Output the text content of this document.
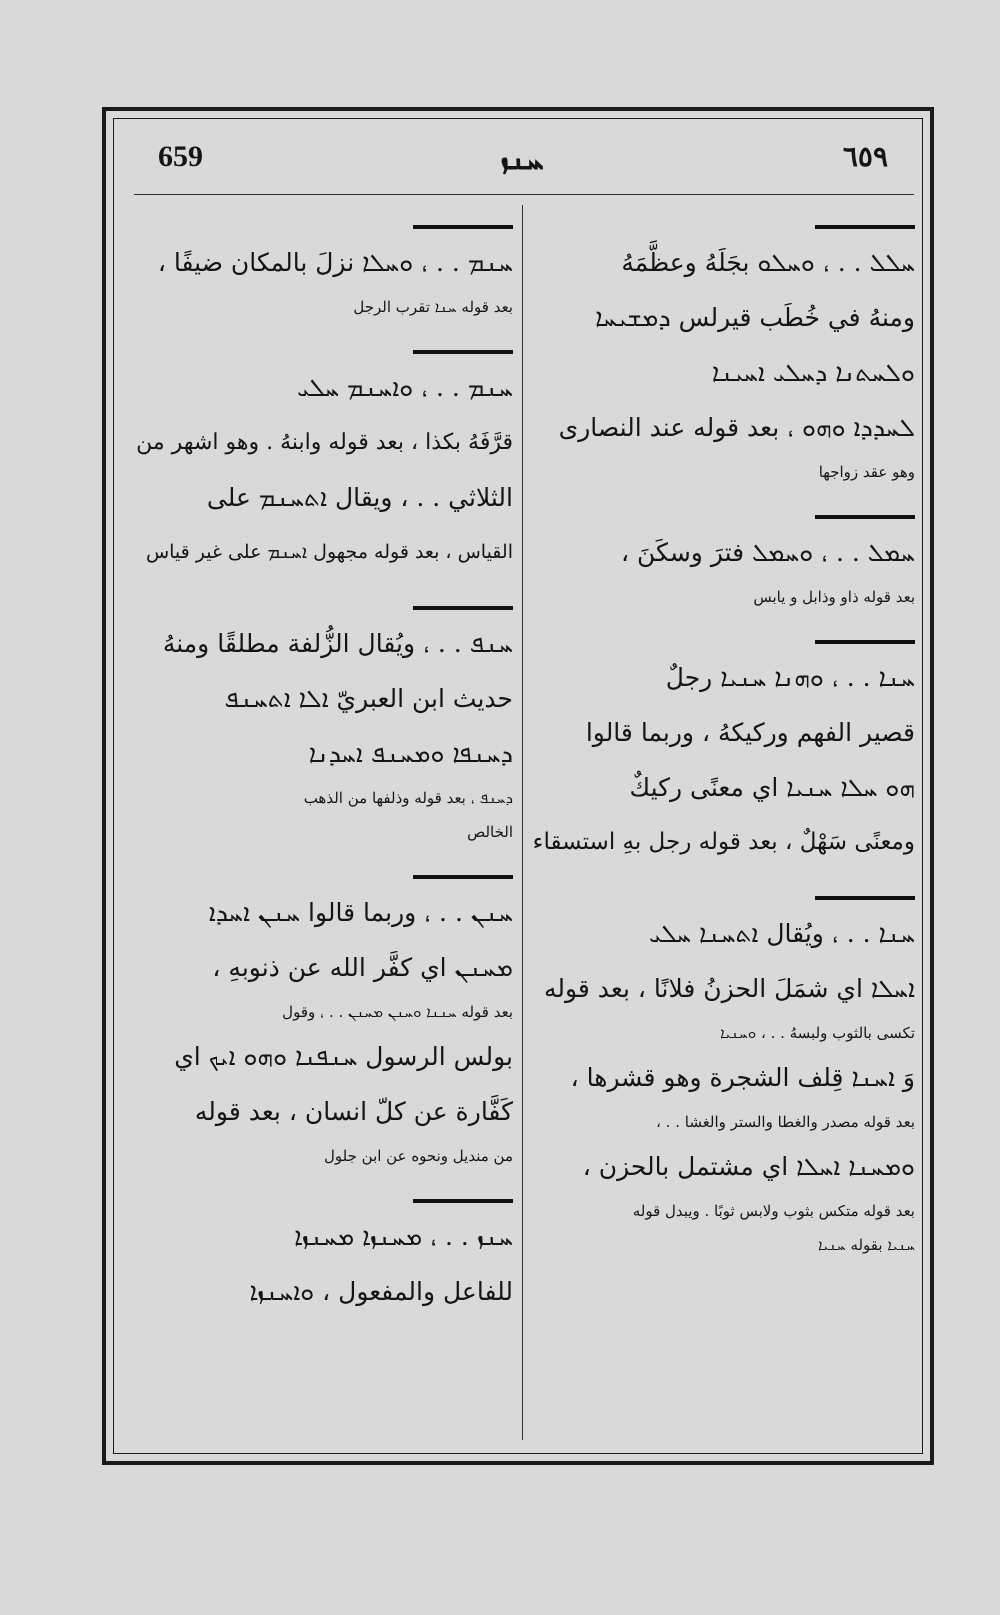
659	ܚܢܙ	٦٥٩
ܚܠܠ . . ، ܘܚܠܘ بجَلَهُ وعظَّمَهُ
ومنهُ في خُطَب قيرلس ܕܡܫܝܚܐ
ܘܠܚܬܢܐ ܕܚܠܝ ܐܚܝܢܐ
ܠܚܕܕܐ ܘܗܘ ، بعد قوله عند النصارى
وهو عقد زواجها
ܚܡܠ . . ، ܘܚܡܠ فترَ وسكَنَ ،
بعد قوله ذاو وذابل و يابس
ܚܢܐ . . ، ܘܗܢܐ ܚܢܝܐ رجلٌ
قصير الفهم وركيكهُ ، وربما قالوا
ܗܘ ܚܠܐ ܚܢܝܐ اي معنًى ركيكٌ
ومعنًى سَهْلٌ ، بعد قوله رجل بهِ استسقاء
ܚܢܐ . . ، ويُقال ܐܬܚܢܐ ܚܠܝ
ܐܚܠܐ اي شمَلَ الحزنُ فلانًا ، بعد قوله
تكسى بالثوب ولبسهُ . . ، ܘܚܢܝܐ
وَ ܐܚܢܐ قِلف الشجرة وهو قشرها ،
بعد قوله مصدر والغطا والستر والغشا . . ،
ܘܡܚܢܐ ܐܚܠܐ اي مشتمل بالحزن ،
بعد قوله متكس بثوب ولابس ثوبًا . ويبدل قوله
ܚܢܝܐ بقوله ܚܢܝܐ
ܚܢܡ . . ، ܘܚܠܐ نزلَ بالمكان ضيفًا ،
بعد قوله ܚܢܐ تقرب الرجل
ܚܢܡ . . ، ܘܐܚܢܡ ܚܠܝ
قرَّفَهُ بكذا ، بعد قوله وابنهُ . وهو اشهر من
الثلاثي . . ، ويقال ܐܬܚܢܡ على
القياس ، بعد قوله مجهول ܐܚܢܡ على غير قياس
ܚܢܦ . . ، ويُقال الزُّلفة مطلقًا ومنهُ
حديث ابن العبريّ ܐܠܐ ܐܬܚܢܦ
ܕܚܢܦܐ ܘܡܚܢܦ ܐܚܕܢܐ
ܕܚܢܦ ، بعد قوله وذلفها من الذهب
الخالص
ܚܢܢ . . ، وربما قالوا ܚܢܢ ܐܚܕܐ
ܡܚܢܢ اي كفَّر الله عن ذنوبهِ ،
بعد قوله ܚܢܢܐ ܘܚܢܢ ܡܚܢܢ . . ، وقول
بولس الرسول ܚܢܦܢܐ ܘܗܘ ܐܝܟ اي
كَفَّارة عن كلّ انسان ، بعد قوله
من منديل ونحوه عن ابن جلول
ܚܢܙ . . ، ܡܚܢܙܐ ܡܚܢܙܐ
للفاعل والمفعول ، ܘܐܚܢܙܐ
